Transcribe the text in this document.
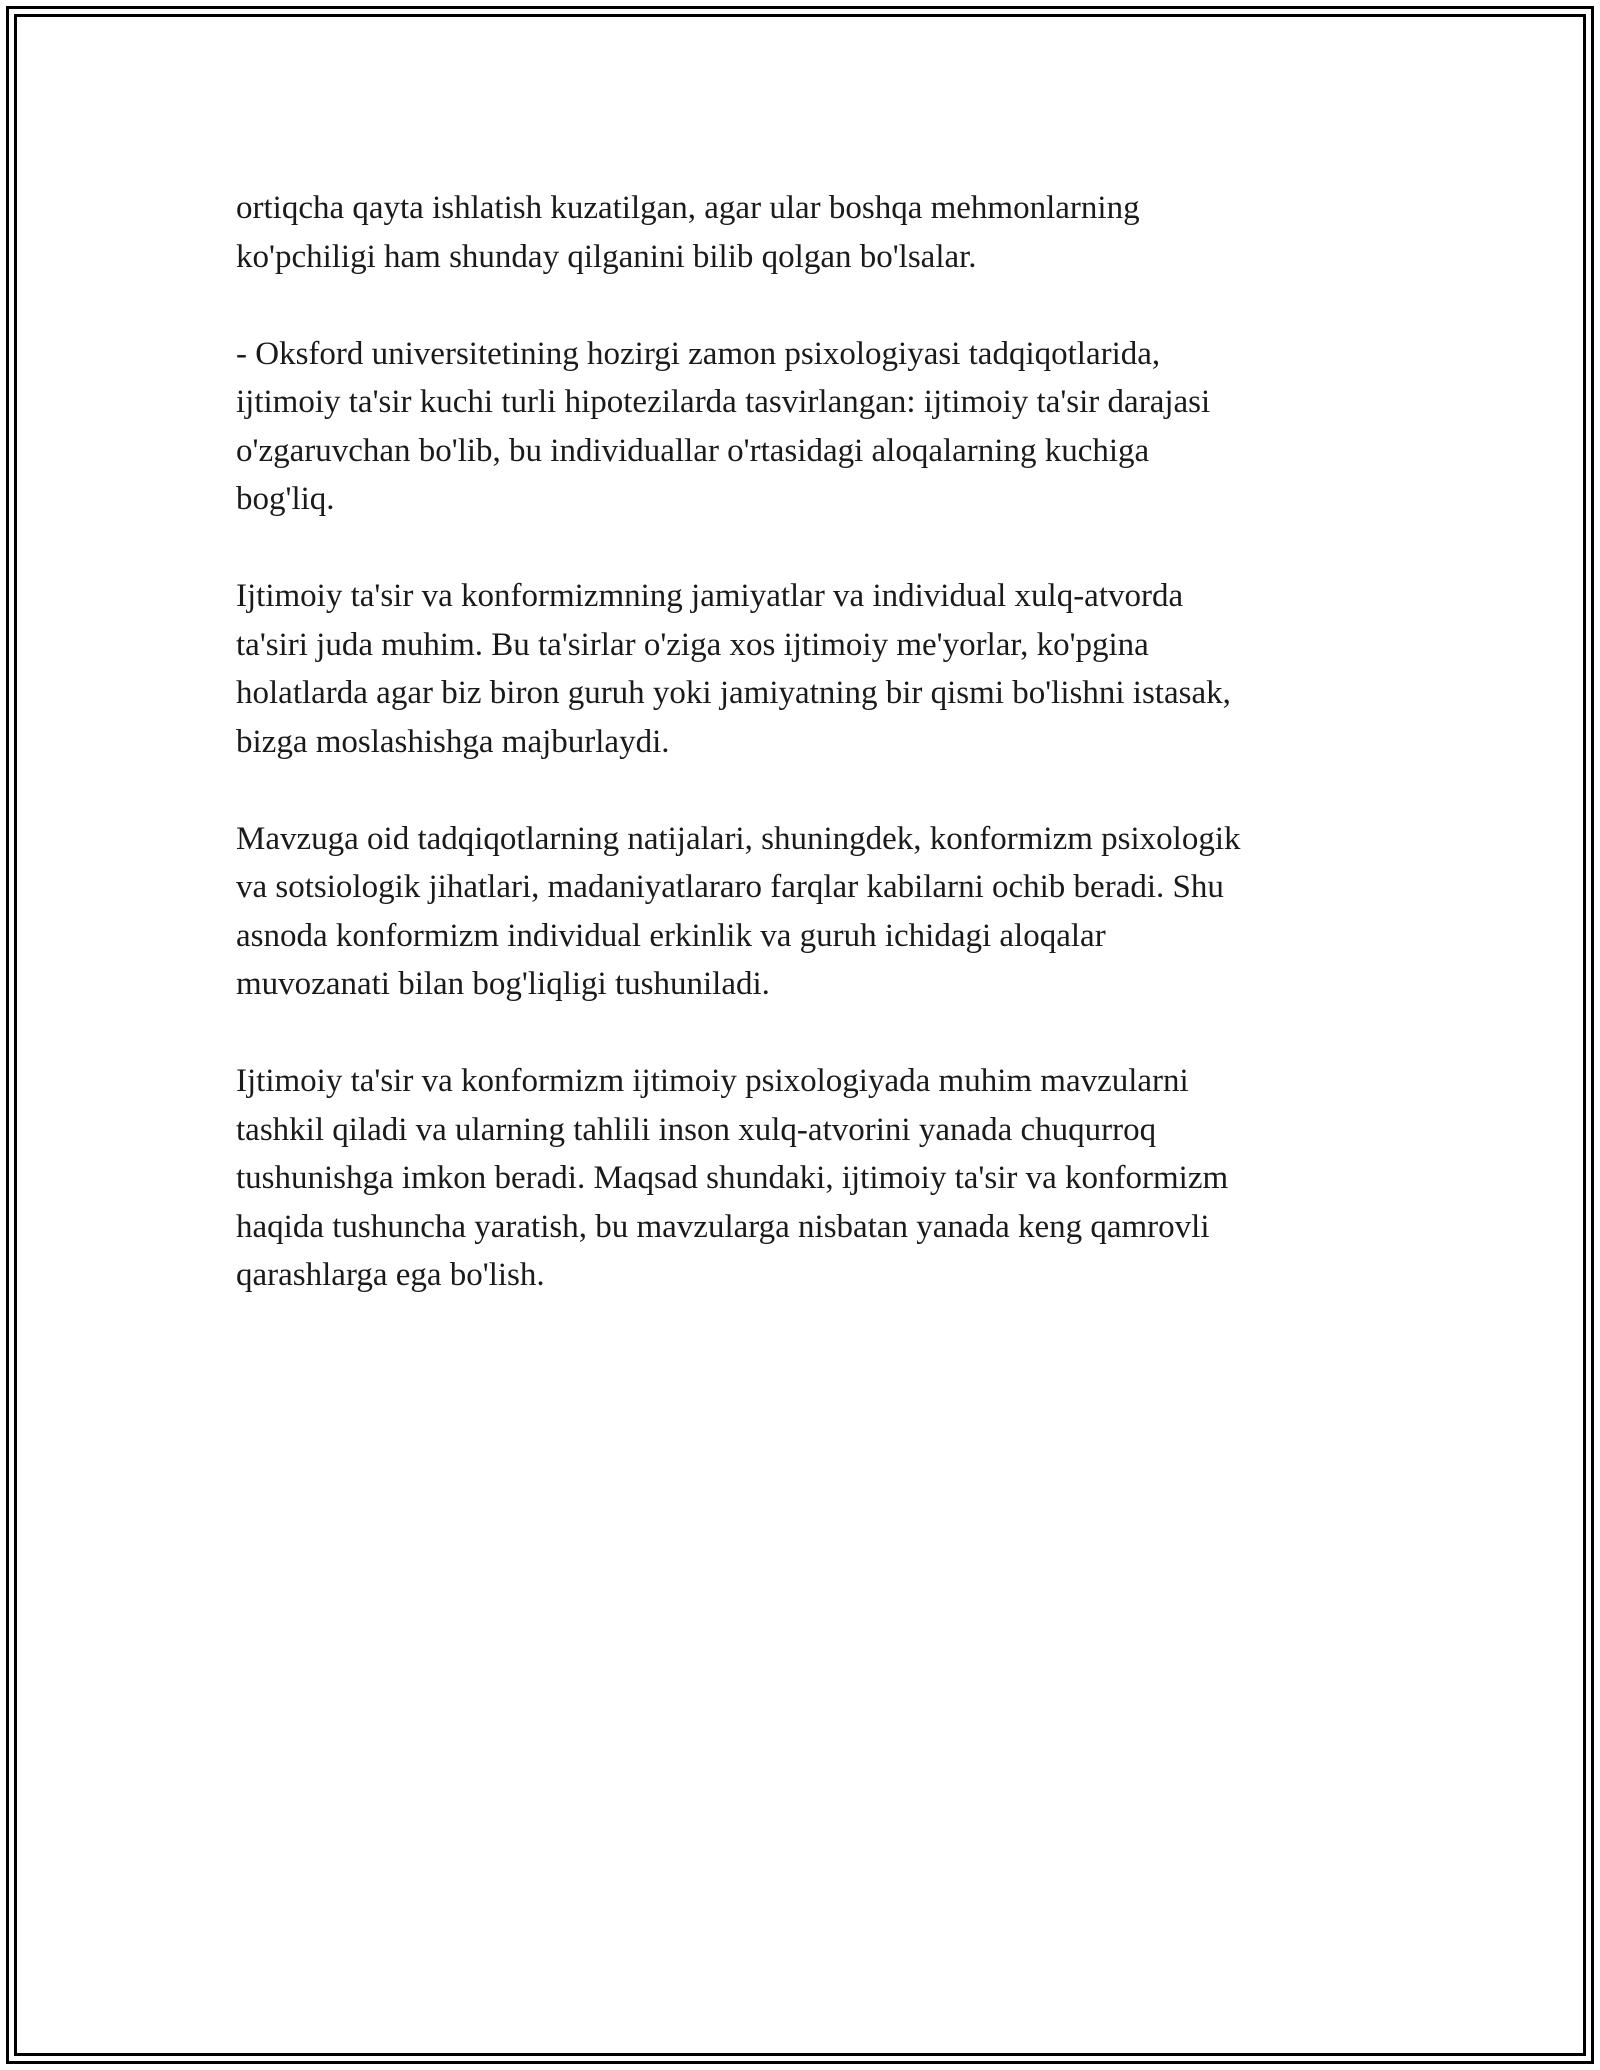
ortiqcha qayta ishlatish kuzatilgan, agar ular boshqa mehmonlarning
ko'pchiligi ham shunday qilganini bilib qolgan bo'lsalar.

- Oksford universitetining hozirgi zamon psixologiyasi tadqiqotlarida,
ijtimoiy ta'sir kuchi turli hipotezilarda tasvirlangan: ijtimoiy ta'sir darajasi
o'zgaruvchan bo'lib, bu individuallar o'rtasidagi aloqalarning kuchiga
bog'liq.

Ijtimoiy ta'sir va konformizmning jamiyatlar va individual xulq-atvorda
ta'siri juda muhim. Bu ta'sirlar o'ziga xos ijtimoiy me'yorlar, ko'pgina
holatlarda agar biz biron guruh yoki jamiyatning bir qismi bo'lishni istasak,
bizga moslashishga majburlaydi.

Mavzuga oid tadqiqotlarning natijalari, shuningdek, konformizm psixologik
va sotsiologik jihatlari, madaniyatlararo farqlar kabilarni ochib beradi. Shu
asnoda konformizm individual erkinlik va guruh ichidagi aloqalar
muvozanati bilan bog'liqligi tushuniladi.

Ijtimoiy ta'sir va konformizm ijtimoiy psixologiyada muhim mavzularni
tashkil qiladi va ularning tahlili inson xulq-atvorini yanada chuqurroq
tushunishga imkon beradi. Maqsad shundaki, ijtimoiy ta'sir va konformizm
haqida tushuncha yaratish, bu mavzularga nisbatan yanada keng qamrovli
qarashlarga ega bo'lish.
